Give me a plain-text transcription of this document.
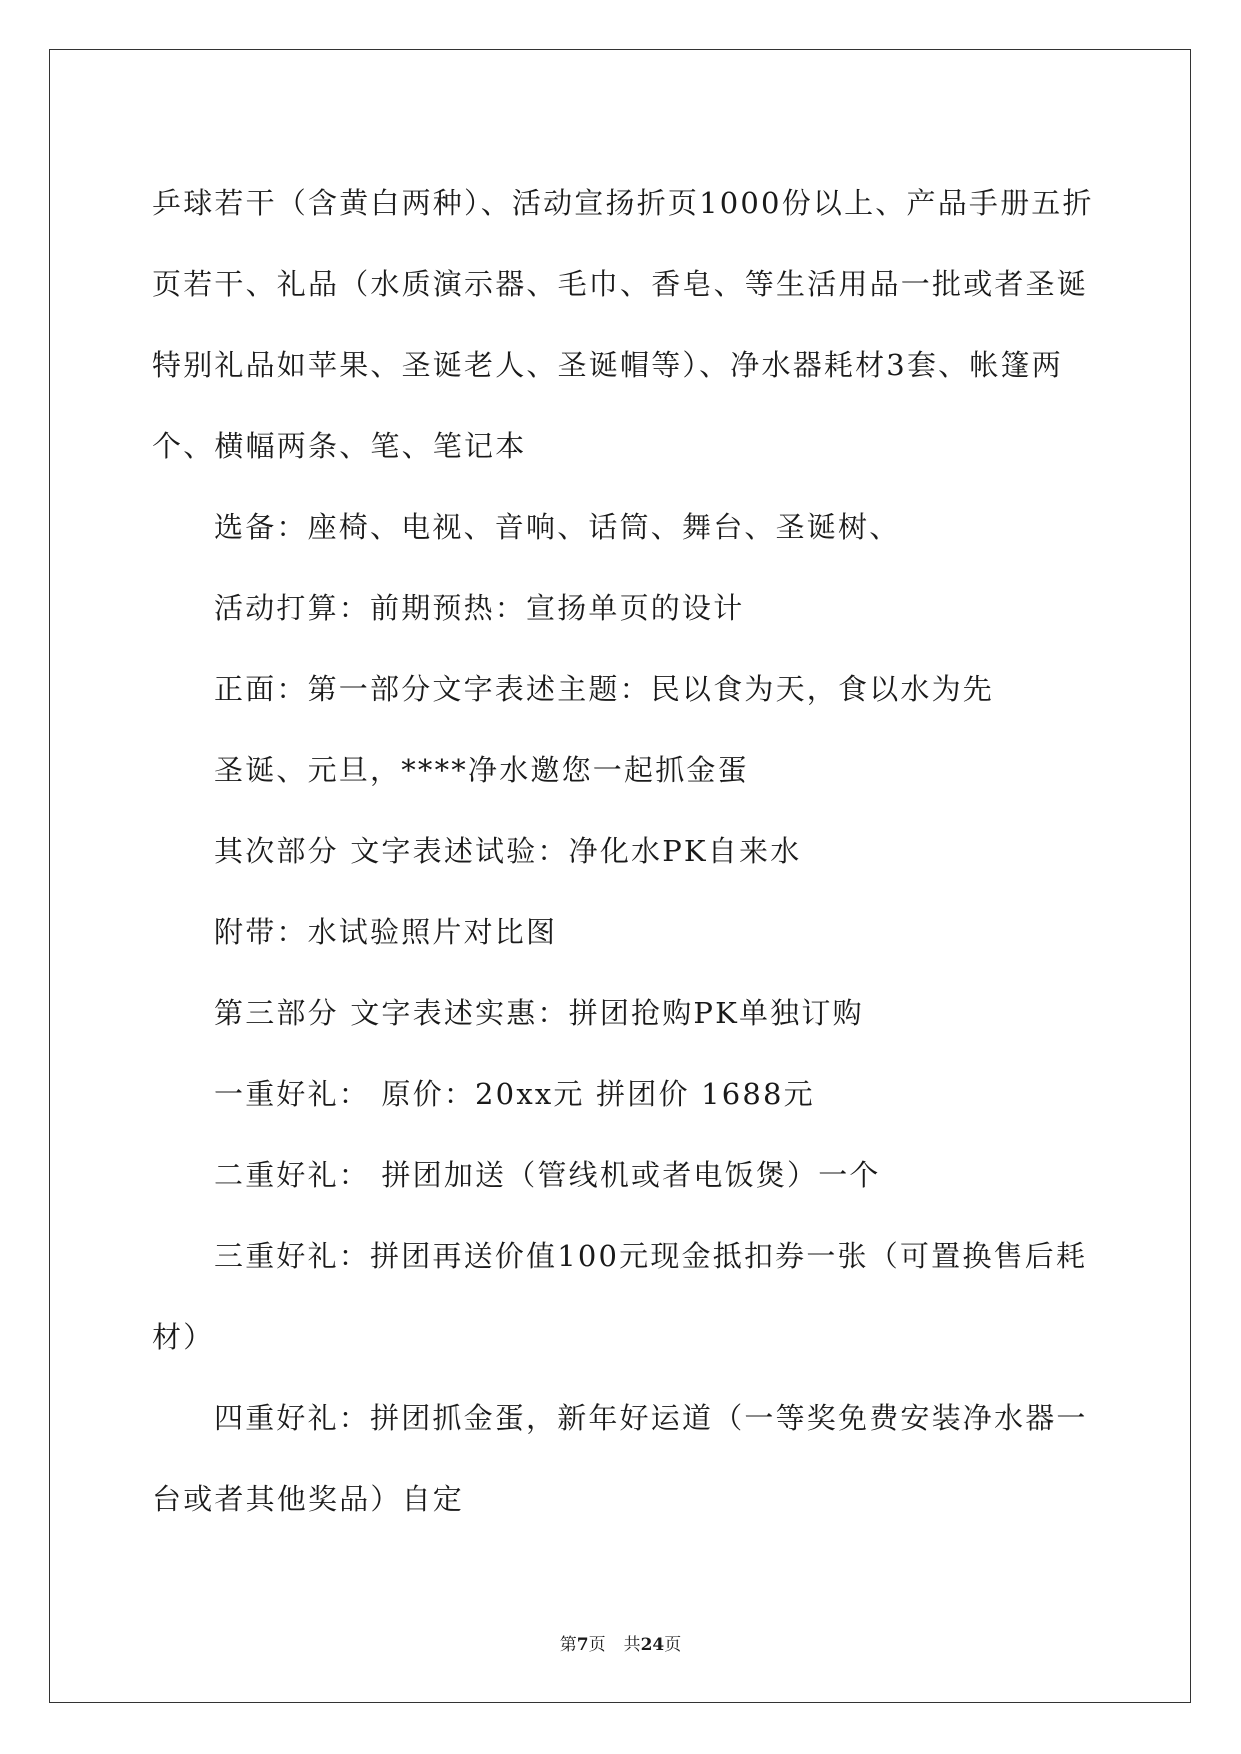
乒球若干（含黄白两种）、活动宣扬折页1000份以上、产品手册五折页若干、礼品（水质演示器、毛巾、香皂、等生活用品一批或者圣诞特别礼品如苹果、圣诞老人、圣诞帽等）、净水器耗材3套、帐篷两个、横幅两条、笔、笔记本

选备：座椅、电视、音响、话筒、舞台、圣诞树、

活动打算：前期预热：宣扬单页的设计

正面：第一部分文字表述主题：民以食为天，食以水为先

圣诞、元旦，****净水邀您一起抓金蛋

其次部分 文字表述试验：净化水PK自来水

附带：水试验照片对比图

第三部分 文字表述实惠：拼团抢购PK单独订购

一重好礼： 原价：20xx元 拼团价 1688元

二重好礼： 拼团加送（管线机或者电饭煲）一个

三重好礼：拼团再送价值100元现金抵扣券一张（可置换售后耗材）

四重好礼：拼团抓金蛋，新年好运道（一等奖免费安装净水器一台或者其他奖品）自定

第7页 共24页
